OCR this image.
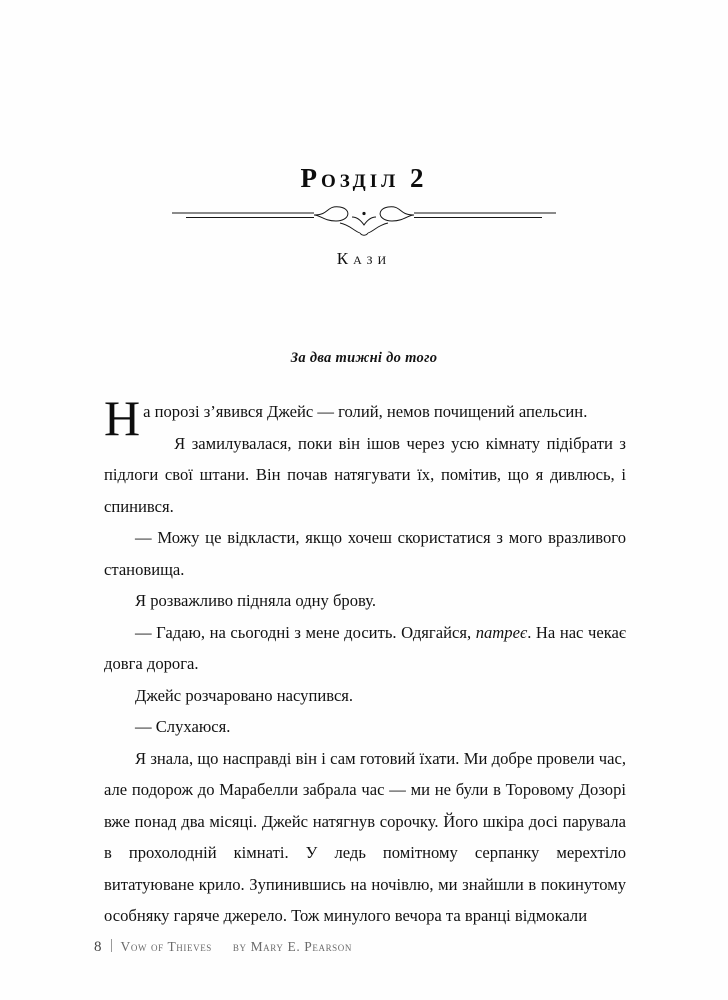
Розділ 2
Кази
За два тижні до того

На порозі з’явився Джейс — голий, немов почищений апельсин.

Я замилувалася, поки він ішов через усю кімнату підібрати з підлоги свої штани. Він почав натягувати їх, помітив, що я дивлюсь, і спинився.

— Можу це відкласти, якщо хочеш скористатися з мого вразливого становища.

Я розважливо підняла одну брову.

— Гадаю, на сьогодні з мене досить. Одягайся, патреє. На нас чекає довга дорога.

Джейс розчаровано насупився.

— Слухаюся.

Я знала, що насправді він і сам готовий їхати. Ми добре провели час, але подорож до Марабелли забрала час — ми не були в Торовому Дозорі вже понад два місяці. Джейс натягнув сорочку. Його шкіра досі парувала в прохолодній кімнаті. У ледь помітному серпанку мерехтіло витатуюване крило. Зупинившись на ночівлю, ми знайшли в покинутому особняку гаряче джерело. Тож минулого вечора та вранці відмокали

8 Vow of Thieves by Mary E. Pearson
